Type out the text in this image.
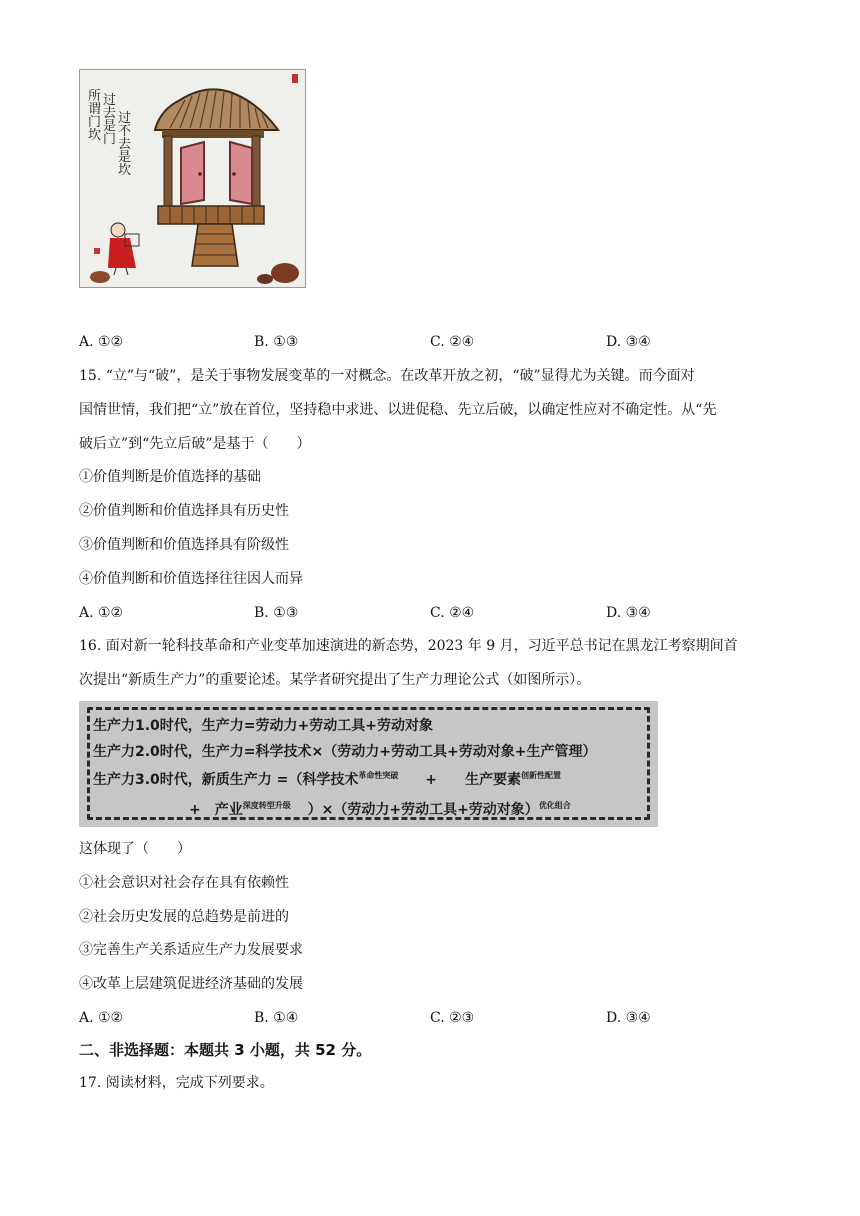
所谓门坎
过去是门
过不去是坎
A. ①②	B. ①③	C. ②④	D. ③④
15. “立”与“破”，是关于事物发展变革的一对概念。在改革开放之初，“破”显得尤为关键。而今面对
国情世情，我们把“立”放在首位，坚持稳中求进、以进促稳、先立后破，以确定性应对不确定性。从“先
破后立”到“先立后破”是基于（　　）
①价值判断是价值选择的基础
②价值判断和价值选择具有历史性
③价值判断和价值选择具有阶级性
④价值判断和价值选择往往因人而异
A. ①②	B. ①③	C. ②④	D. ③④
16. 面对新一轮科技革命和产业变革加速演进的新态势，2023 年 9 月，习近平总书记在黑龙江考察期间首
次提出“新质生产力”的重要论述。某学者研究提出了生产力理论公式（如图所示）。
生产力1.0时代，生产力=劳动力+劳动工具+劳动对象
生产力2.0时代，生产力=科学技术×（劳动力+劳动工具+劳动对象+生产管理）
生产力3.0时代，新质生产力 =（科学技术$^{革命性突破}$ +　　生产要素$^{创新性配置}$
+　产业$^{深度转型升级}$ ）×（劳动力+劳动工具+劳动对象）$^{优化组合}$
这体现了（　　）
①社会意识对社会存在具有依赖性
②社会历史发展的总趋势是前进的
③完善生产关系适应生产力发展要求
④改革上层建筑促进经济基础的发展
A. ①②	B. ①④	C. ②③	D. ③④
二、非选择题：本题共 3 小题，共 52 分。
17. 阅读材料，完成下列要求。
